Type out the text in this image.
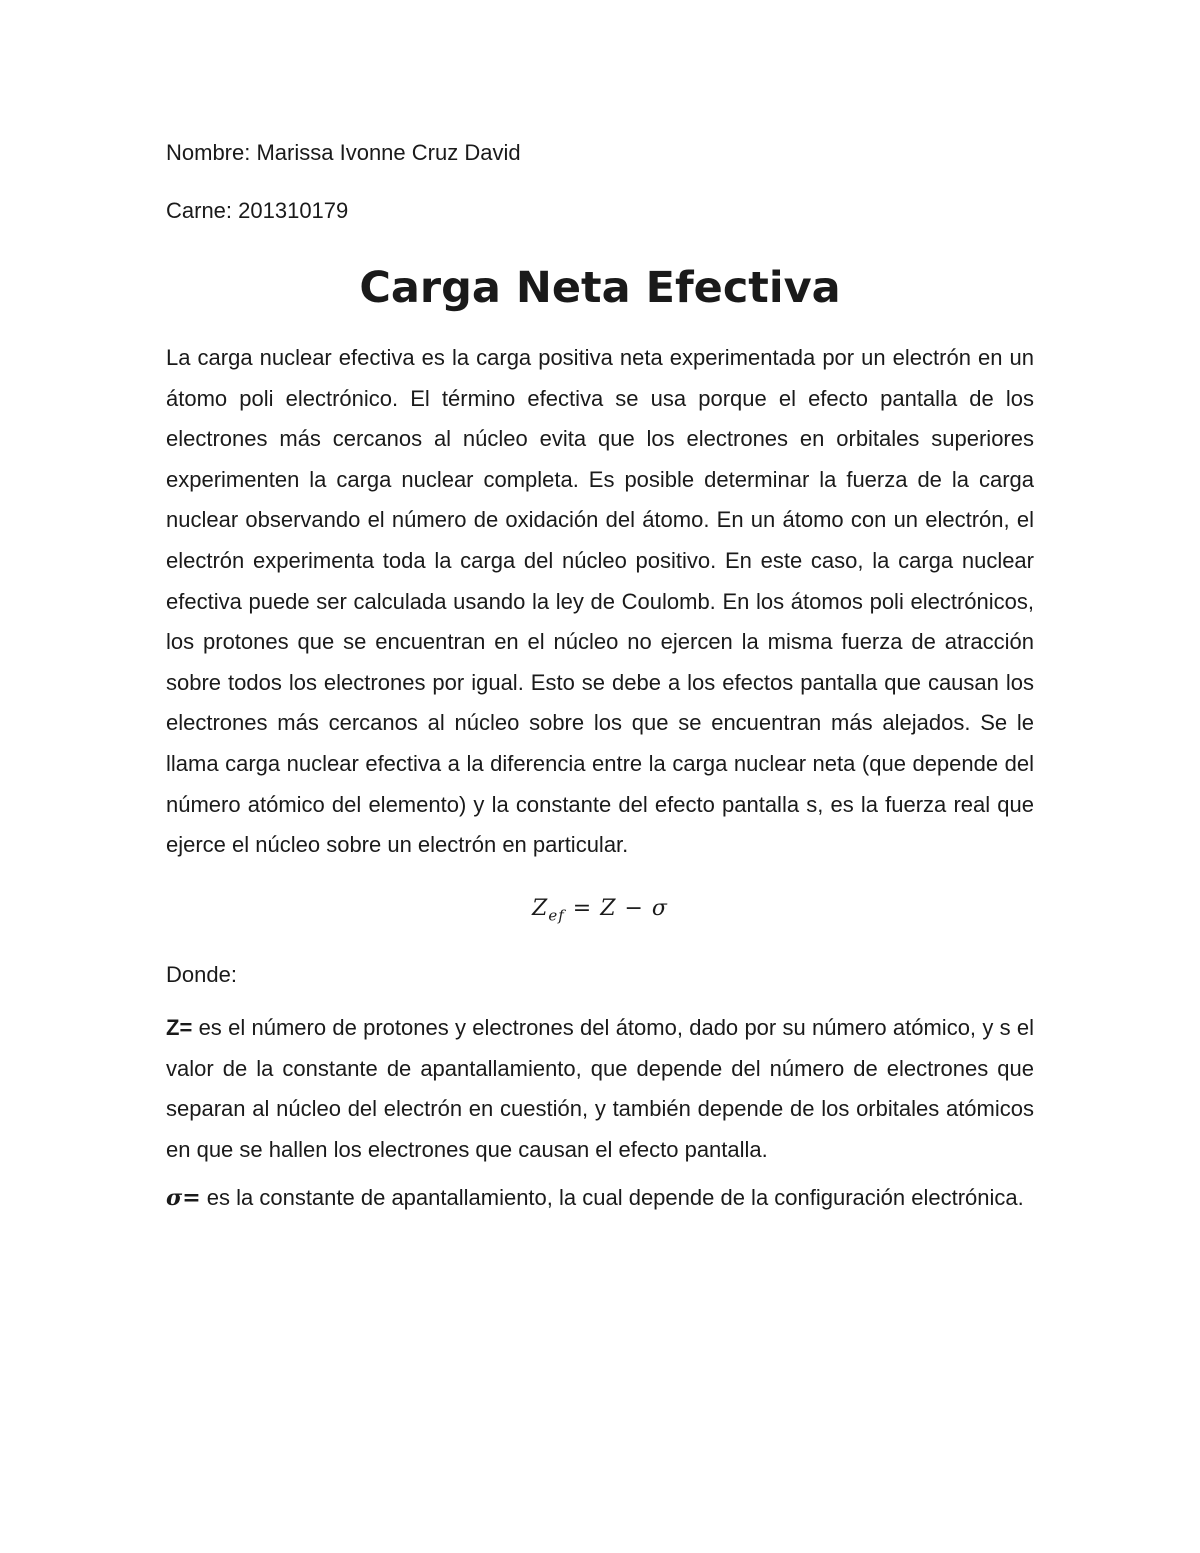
Nombre: Marissa Ivonne Cruz David

Carne: 201310179

Carga Neta Efectiva

La carga nuclear efectiva es la carga positiva neta experimentada por un electrón en un átomo poli electrónico. El término efectiva se usa porque el efecto pantalla de los electrones más cercanos al núcleo evita que los electrones en orbitales superiores experimenten la carga nuclear completa. Es posible determinar la fuerza de la carga nuclear observando el número de oxidación del átomo. En un átomo con un electrón, el electrón experimenta toda la carga del núcleo positivo. En este caso, la carga nuclear efectiva puede ser calculada usando la ley de Coulomb. En los átomos poli electrónicos, los protones que se encuentran en el núcleo no ejercen la misma fuerza de atracción sobre todos los electrones por igual. Esto se debe a los efectos pantalla que causan los electrones más cercanos al núcleo sobre los que se encuentran más alejados. Se le llama carga nuclear efectiva a la diferencia entre la carga nuclear neta (que depende del número atómico del elemento) y la constante del efecto pantalla s, es la fuerza real que ejerce el núcleo sobre un electrón en particular.

$Z_{ef} = Z - \sigma$

Donde:

Z= es el número de protones y electrones del átomo, dado por su número atómico, y s el valor de la constante de apantallamiento, que depende del número de electrones que separan al núcleo del electrón en cuestión, y también depende de los orbitales atómicos en que se hallen los electrones que causan el efecto pantalla.

σ= es la constante de apantallamiento, la cual depende de la configuración electrónica.
